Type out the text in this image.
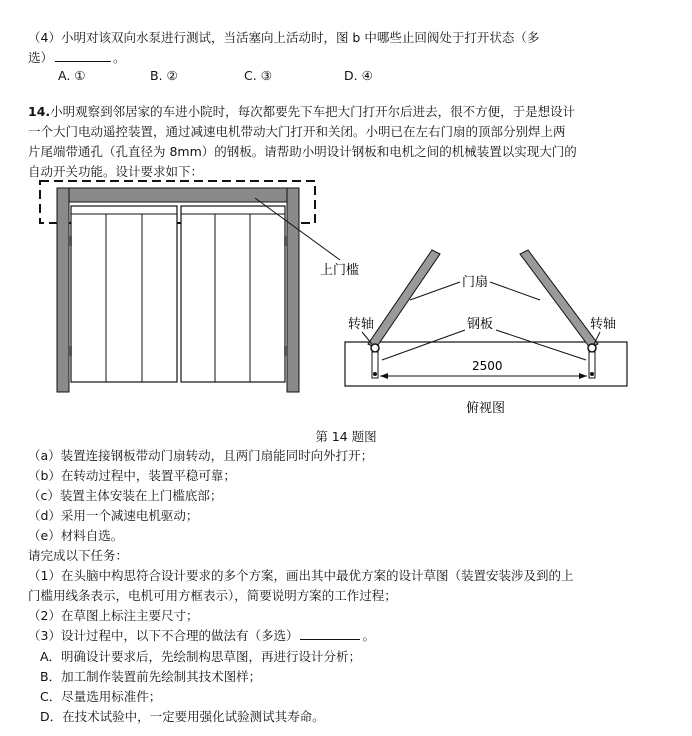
（4）小明对该双向水泵进行测试，当活塞向上活动时，图 b 中哪些止回阀处于打开状态（多
选）	。
A. ①	B. ②	C. ③	D. ④
14.小明观察到邻居家的车进小院时，每次都要先下车把大门打开尔后进去，很不方便，于是想设计
一个大门电动遥控装置，通过减速电机带动大门打开和关闭。小明已在左右门扇的顶部分别焊上两
片尾端带通孔（孔直径为 8mm）的钢板。请帮助小明设计钢板和电机之间的机械装置以实现大门的
自动开关功能。设计要求如下：
上门槛
2500
门扇
转轴	转轴
钢板
俯视图
第 14 题图
（a）装置连接钢板带动门扇转动，且两门扇能同时向外打开；
（b）在转动过程中，装置平稳可靠；
（c）装置主体安装在上门槛底部；
（d）采用一个减速电机驱动；
（e）材料自选。
请完成以下任务：
（1）在头脑中构思符合设计要求的多个方案，画出其中最优方案的设计草图（装置安装涉及到的上
门槛用线条表示，电机可用方框表示），简要说明方案的工作过程；
（2）在草图上标注主要尺寸；
（3）设计过程中，以下不合理的做法有（多选）	。
A．明确设计要求后，先绘制构思草图，再进行设计分析；
B．加工制作装置前先绘制其技术图样；
C．尽量选用标准件；
D．在技术试验中，一定要用强化试验测试其寿命。
